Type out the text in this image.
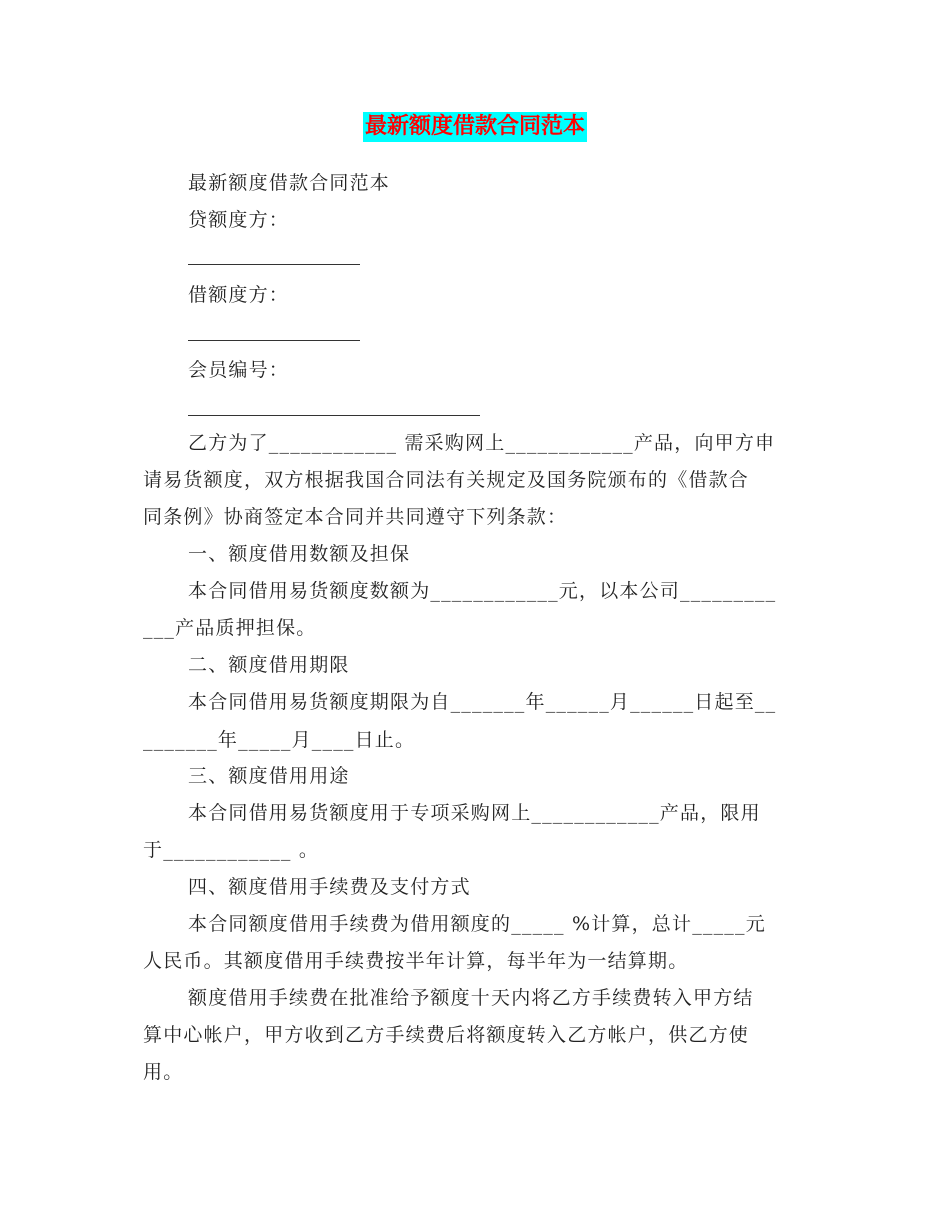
最新额度借款合同范本
最新额度借款合同范本
贷额度方：
借额度方：
会员编号：
乙方为了____________ 需采购网上____________产品，向甲方申
请易货额度，双方根据我国合同法有关规定及国务院颁布的《借款合
同条例》协商签定本合同并共同遵守下列条款：
一、额度借用数额及担保
本合同借用易货额度数额为____________元，以本公司_________
___产品质押担保。
二、额度借用期限
本合同借用易货额度期限为自_______年______月______日起至__
_______年_____月____日止。
三、额度借用用途
本合同借用易货额度用于专项采购网上____________产品，限用
于____________ 。
四、额度借用手续费及支付方式
本合同额度借用手续费为借用额度的_____ %计算，总计_____元
人民币。其额度借用手续费按半年计算，每半年为一结算期。
额度借用手续费在批准给予额度十天内将乙方手续费转入甲方结
算中心帐户，甲方收到乙方手续费后将额度转入乙方帐户，供乙方使
用。
